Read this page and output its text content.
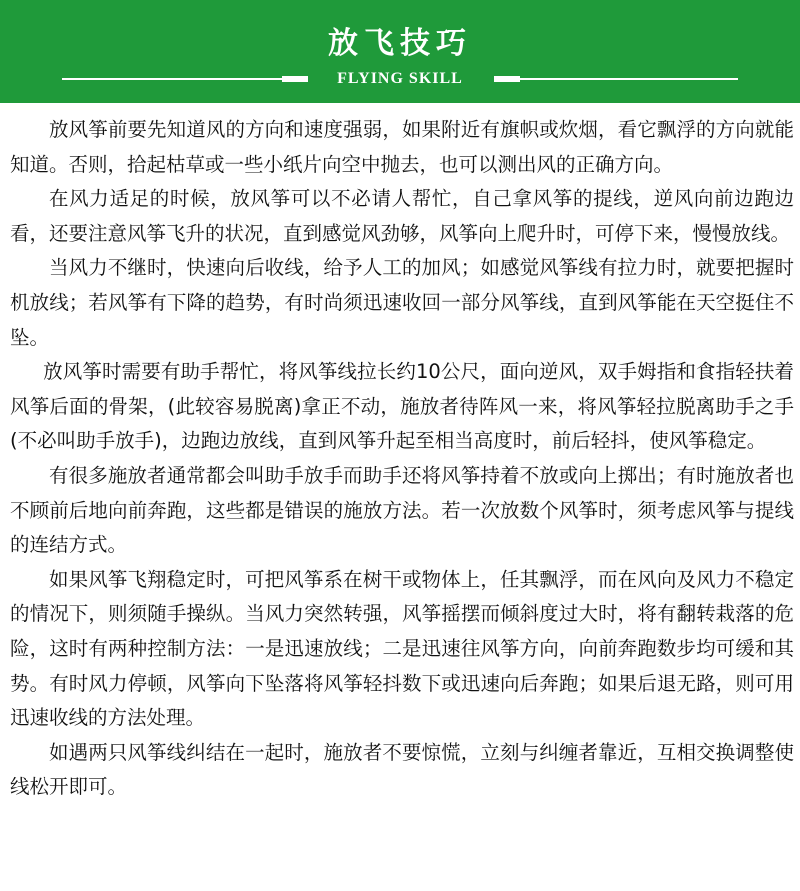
放飞技巧
FLYING SKILL

放风筝前要先知道风的方向和速度强弱，如果附近有旗帜或炊烟，看它飘浮的方向就能知道。否则，拾起枯草或一些小纸片向空中抛去，也可以测出风的正确方向。

在风力适足的时候，放风筝可以不必请人帮忙，自己拿风筝的提线，逆风向前边跑边看，还要注意风筝飞升的状况，直到感觉风劲够，风筝向上爬升时，可停下来，慢慢放线。

当风力不继时，快速向后收线，给予人工的加风；如感觉风筝线有拉力时，就要把握时机放线；若风筝有下降的趋势，有时尚须迅速收回一部分风筝线，直到风筝能在天空挺住不坠。

放风筝时需要有助手帮忙，将风筝线拉长约10公尺，面向逆风，双手姆指和食指轻扶着风筝后面的骨架，(此较容易脱离)拿正不动，施放者待阵风一来，将风筝轻拉脱离助手之手(不必叫助手放手)，边跑边放线，直到风筝升起至相当高度时，前后轻抖，使风筝稳定。

有很多施放者通常都会叫助手放手而助手还将风筝持着不放或向上掷出；有时施放者也不顾前后地向前奔跑，这些都是错误的施放方法。若一次放数个风筝时，须考虑风筝与提线的连结方式。

如果风筝飞翔稳定时，可把风筝系在树干或物体上，任其飘浮，而在风向及风力不稳定的情况下，则须随手操纵。当风力突然转强，风筝摇摆而倾斜度过大时，将有翻转栽落的危险，这时有两种控制方法：一是迅速放线；二是迅速往风筝方向，向前奔跑数步均可缓和其势。有时风力停顿，风筝向下坠落将风筝轻抖数下或迅速向后奔跑；如果后退无路，则可用迅速收线的方法处理。

如遇两只风筝线纠结在一起时，施放者不要惊慌，立刻与纠缠者靠近，互相交换调整使线松开即可。
